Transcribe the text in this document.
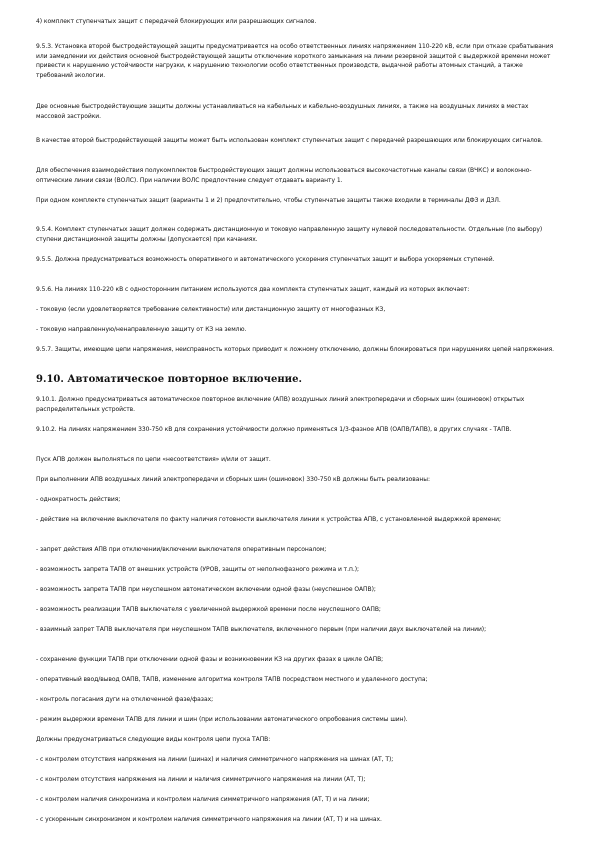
4) комплект ступенчатых защит с передачей блокирующих или разрешающих сигналов.

9.5.3. Установка второй быстродействующей защиты предусматривается на особо ответственных линиях напряжением 110-220 кВ, если при отказе срабатывания или замедлении их действия основной быстродействующей защиты отключение короткого замыкания на линии резервной защитой с выдержкой времени может привести к нарушению устойчивости нагрузки, к нарушению технологии особо ответственных производств, выдачной работы атомных станций, а также требований экологии.

Две основные быстродействующие защиты должны устанавливаться на кабельных и кабельно-воздушных линиях, а также на воздушных линиях в местах массовой застройки.

В качестве второй быстродействующей защиты может быть использован комплект ступенчатых защит с передачей разрешающих или блокирующих сигналов.

Для обеспечения взаимодействия полукомплектов быстродействующих защит должны использоваться высокочастотные каналы связи (ВЧКС) и волоконно-оптические линии связи (ВОЛС). При наличии ВОЛС предпочтение следует отдавать варианту 1.

При одном комплекте ступенчатых защит (варианты 1 и 2) предпочтительно, чтобы ступенчатые защиты также входили в терминалы ДФЗ и ДЗЛ.

9.5.4. Комплект ступенчатых защит должен содержать дистанционную и токовую направленную защиту нулевой последовательности. Отдельные (по выбору) ступени дистанционной защиты должны (допускается) при качаниях.

9.5.5. Должна предусматриваться возможность оперативного и автоматического ускорения ступенчатых защит и выбора ускоряемых ступеней.

9.5.6. На линиях 110-220 кВ с односторонним питанием используются два комплекта ступенчатых защит, каждый из которых включает:

- токовую (если удовлетворяется требование селективности) или дистанционную защиту от многофазных КЗ,

- токовую направленную/ненаправленную защиту от КЗ на землю.

9.5.7. Защиты, имеющие цепи напряжения, неисправность которых приводит к ложному отключению, должны блокироваться при нарушениях цепей напряжения.

9.10. Автоматическое повторное включение.

9.10.1. Должно предусматриваться автоматическое повторное включение (АПВ) воздушных линий электропередачи и сборных шин (ошиновок) открытых распределительных устройств.

9.10.2. На линиях напряжением 330-750 кВ для сохранения устойчивости должно применяться 1/3-фазное АПВ (ОАПВ/ТАПВ), в других случаях - ТАПВ.

Пуск АПВ должен выполняться по цепи «несоответствия» и/или от защит.

При выполнении АПВ воздушных линий электропередачи и сборных шин (ошиновок) 330-750 кВ должны быть реализованы:

- однократность действия;

- действие на включение выключателя по факту наличия готовности выключателя линии к устройства АПВ, с установленной выдержкой времени;

- запрет действия АПВ при отключении/включении выключателя оперативным персоналом;

- возможность запрета ТАПВ от внешних устройств (УРОВ, защиты от неполнофазного режима и т.п.);

- возможность запрета ТАПВ при неуспешном автоматическом включении одной фазы (неуспешное ОАПВ);

- возможность реализации ТАПВ выключателя с увеличенной выдержкой времени после неуспешного ОАПВ;

- взаимный запрет ТАПВ выключателя при неуспешном ТАПВ выключателя, включенного первым (при наличии двух выключателей на линии);

- сохранение функции ТАПВ при отключении одной фазы и возникновении КЗ на других фазах в цикле ОАПВ;

- оперативный ввод/вывод ОАПВ, ТАПВ, изменение алгоритма контроля ТАПВ посредством местного и удаленного доступа;

- контроль погасания дуги на отключенной фазе/фазах;

- режим выдержки времени ТАПВ для линии и шин (при использовании автоматического опробования системы шин).

Должны предусматриваться следующие виды контроля цепи пуска ТАПВ:

- с контролем отсутствия напряжения на линии (шинах) и наличия симметричного напряжения на шинах (АТ, Т);

- с контролем отсутствия напряжения на линии и наличия симметричного напряжения на линии (АТ, Т);

- с контролем наличия синхронизма и контролем наличия симметричного напряжения (АТ, Т) и на линии;

- с ускоренным синхронизмом и контролем наличия симметричного напряжения на линии (АТ, Т) и на шинах.
